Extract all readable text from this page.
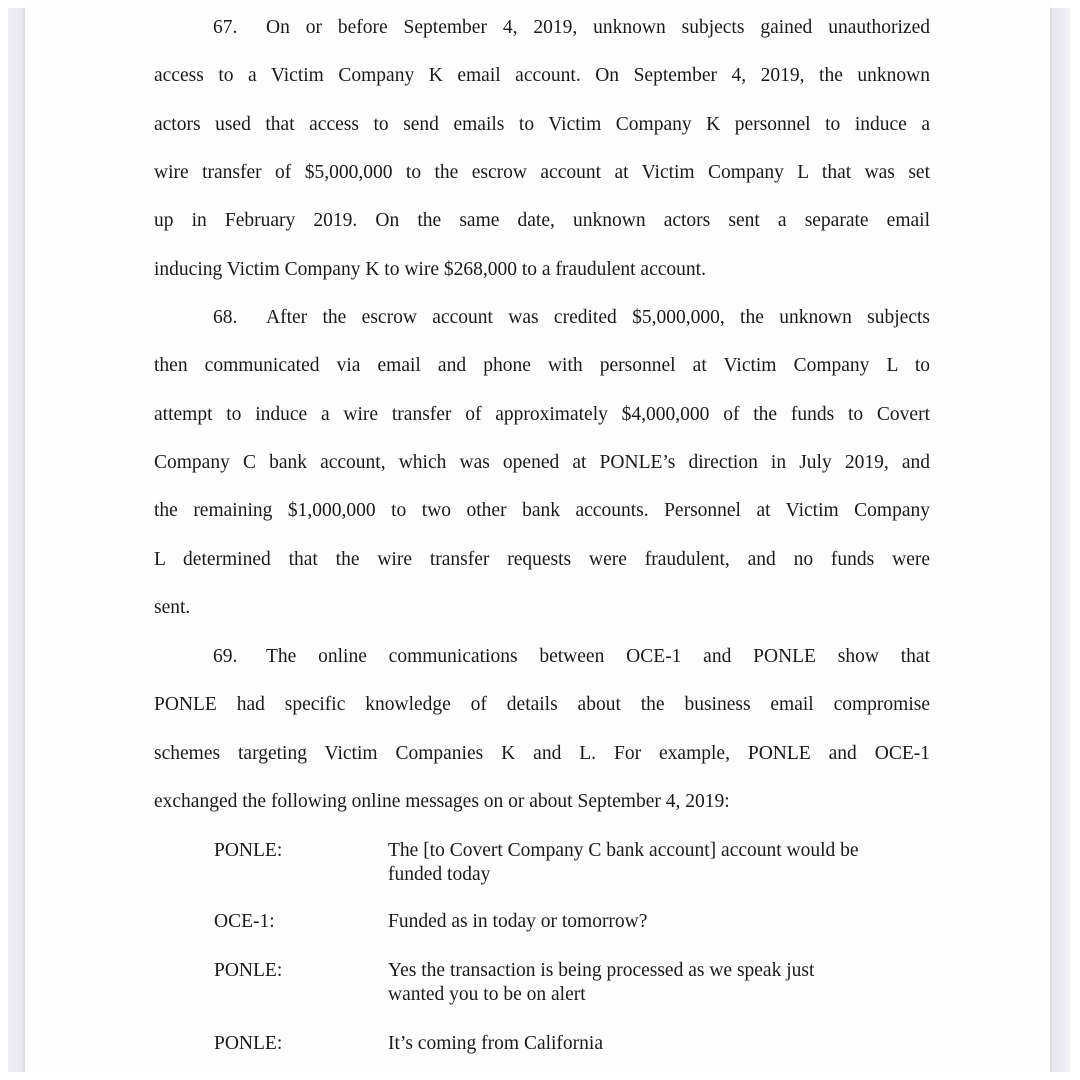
67. On or before September 4, 2019, unknown subjects gained unauthorized
access to a Victim Company K email account. On September 4, 2019, the unknown
actors used that access to send emails to Victim Company K personnel to induce a
wire transfer of $5,000,000 to the escrow account at Victim Company L that was set
up in February 2019. On the same date, unknown actors sent a separate email
inducing Victim Company K to wire $268,000 to a fraudulent account.
68. After the escrow account was credited $5,000,000, the unknown subjects
then communicated via email and phone with personnel at Victim Company L to
attempt to induce a wire transfer of approximately $4,000,000 of the funds to Covert
Company C bank account, which was opened at PONLE’s direction in July 2019, and
the remaining $1,000,000 to two other bank accounts. Personnel at Victim Company
L determined that the wire transfer requests were fraudulent, and no funds were
sent.
69. The online communications between OCE-1 and PONLE show that
PONLE had specific knowledge of details about the business email compromise
schemes targeting Victim Companies K and L. For example, PONLE and OCE-1
exchanged the following online messages on or about September 4, 2019:
PONLE:	The [to Covert Company C bank account] account would be
funded today
OCE-1:	Funded as in today or tomorrow?
PONLE:	Yes the transaction is being processed as we speak just
wanted you to be on alert
PONLE:	It’s coming from California
